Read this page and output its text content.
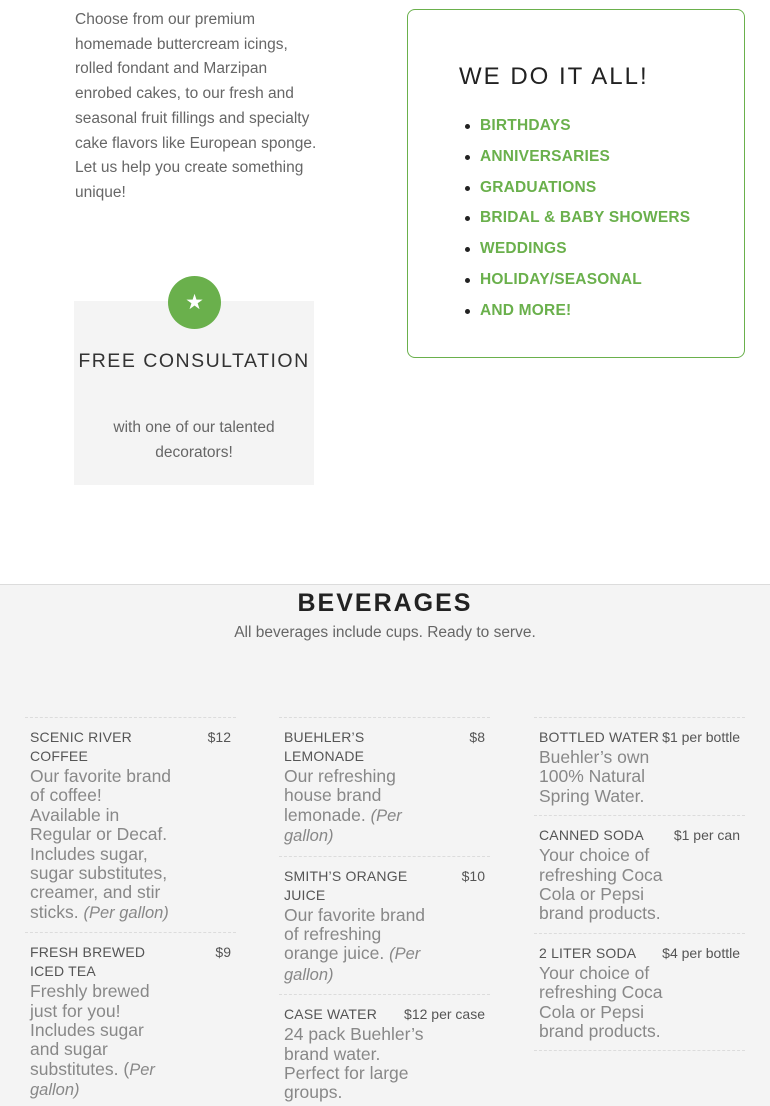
Choose from our premium homemade buttercream icings, rolled fondant and Marzipan enrobed cakes, to our fresh and seasonal fruit fillings and specialty cake flavors like European sponge. Let us help you create something unique!

★
FREE CONSULTATION
with one of our talented decorators!
WE DO IT ALL!
BIRTHDAYS
ANNIVERSARIES
GRADUATIONS
BRIDAL & BABY SHOWERS
WEDDINGS
HOLIDAY/SEASONAL
AND MORE!
BEVERAGES

All beverages include cups. Ready to serve.

SCENIC RIVER COFFEE
$12
Our favorite brand of coffee! Available in Regular or Decaf. Includes sugar, sugar substitutes, creamer, and stir sticks. (Per gallon)
FRESH BREWED ICED TEA
$9
Freshly brewed just for you! Includes sugar and sugar substitutes. (Per gallon)
BUEHLER’S LEMONADE
$8
Our refreshing house brand lemonade. (Per gallon)
SMITH’S ORANGE JUICE
$10
Our favorite brand of refreshing orange juice. (Per gallon)
CASE WATER $12 per case
24 pack Buehler’s brand water. Perfect for large groups.
BOTTLED WATER $1 per bottle
Buehler’s own 100% Natural Spring Water.
CANNED SODA $1 per can
Your choice of refreshing Coca Cola or Pepsi brand products.
2 LITER SODA $4 per bottle
Your choice of refreshing Coca Cola or Pepsi brand products.
